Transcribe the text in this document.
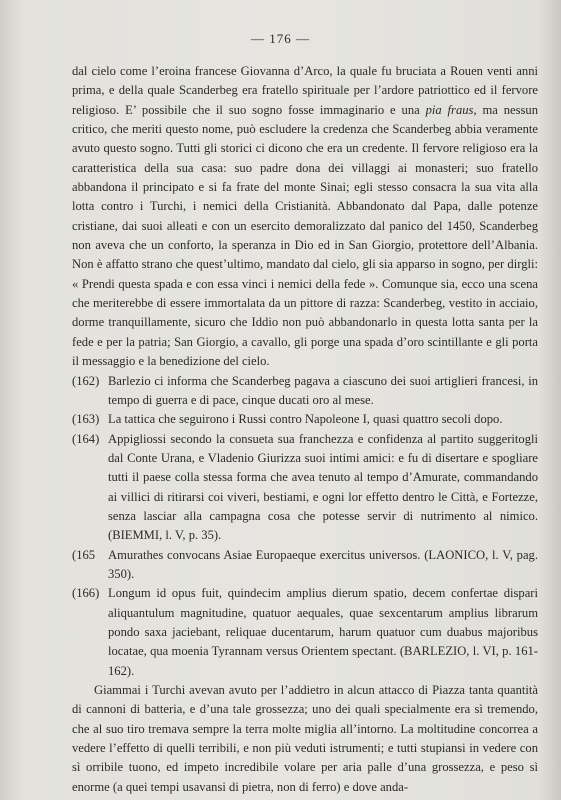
— 176 —

dal cielo come l’eroina francese Giovanna d’Arco, la quale fu bruciata a Rouen venti anni prima, e della quale Scanderbeg era fratello spirituale per l’ardore patriottico ed il fervore religioso. E’ possibile che il suo sogno fosse immaginario e una pia fraus, ma nessun critico, che meriti questo nome, può escludere la credenza che Scanderbeg abbia veramente avuto questo sogno. Tutti gli storici ci dicono che era un credente. Il fervore religioso era la caratteristica della sua casa: suo padre dona dei villaggi ai monasteri; suo fratello abbandona il principato e si fa frate del monte Sinai; egli stesso consacra la sua vita alla lotta contro i Turchi, i nemici della Cristianità. Abbandonato dal Papa, dalle potenze cristiane, dai suoi alleati e con un esercito demoralizzato dal panico del 1450, Scanderbeg non aveva che un conforto, la speranza in Dio ed in San Giorgio, protettore dell’Albania. Non è affatto strano che quest’ultimo, mandato dal cielo, gli sia apparso in sogno, per dirgli: « Prendi questa spada e con essa vinci i nemici della fede ». Comunque sia, ecco una scena che meriterebbe di essere immortalata da un pittore di razza: Scanderbeg, vestito in acciaio, dorme tranquillamente, sicuro che Iddio non può abbandonarlo in questa lotta santa per la fede e per la patria; San Giorgio, a cavallo, gli porge una spada d’oro scintillante e gli porta il messaggio e la benedizione del cielo.

(162) Barlezio ci informa che Scanderbeg pagava a ciascuno dei suoi artiglieri francesi, in tempo di guerra e di pace, cinque ducati oro al mese.

(163) La tattica che seguirono i Russi contro Napoleone I, quasi quattro secoli dopo.

(164) Appigliossi secondo la consueta sua franchezza e confidenza al partito suggeritogli dal Conte Urana, e Vladenio Giurizza suoi intimi amici: e fu di disertare e spogliare tutti il paese colla stessa forma che avea tenuto al tempo d’Amurate, commandando ai villici di ritirarsi coi viveri, bestiami, e ogni lor effetto dentro le Città, e Fortezze, senza lasciar alla campagna cosa che potesse servir di nutrimento al nimico. (BIEMMI, l. V, p. 35).

(165 Amurathes convocans Asiae Europaeque exercitus universos. (LAONICO, l. V, pag. 350).

(166) Longum id opus fuit, quindecim amplius dierum spatio, decem confertae dispari aliquantulum magnitudine, quatuor aequales, quae sexcentarum amplius librarum pondo saxa jaciebant, reliquae ducentarum, harum quatuor cum duabus majoribus locatae, qua moenia Tyrannam versus Orientem spectant. (BARLEZIO, l. VI, p. 161-162).

Giammai i Turchi avevan avuto per l’addietro in alcun attacco di Piazza tanta quantità di cannoni di batteria, e d’una tale grossezza; uno dei quali specialmente era sì tremendo, che al suo tiro tremava sempre la terra molte miglia all’intorno. La moltitudine concorrea a vedere l’effetto di quelli terribili, e non più veduti istrumenti; e tutti stupiansi in vedere con sì orribile tuono, ed impeto incredibile volare per aria palle d’una grossezza, e peso sì enorme (a quei tempi usavansi di pietra, non di ferro) e dove anda-
